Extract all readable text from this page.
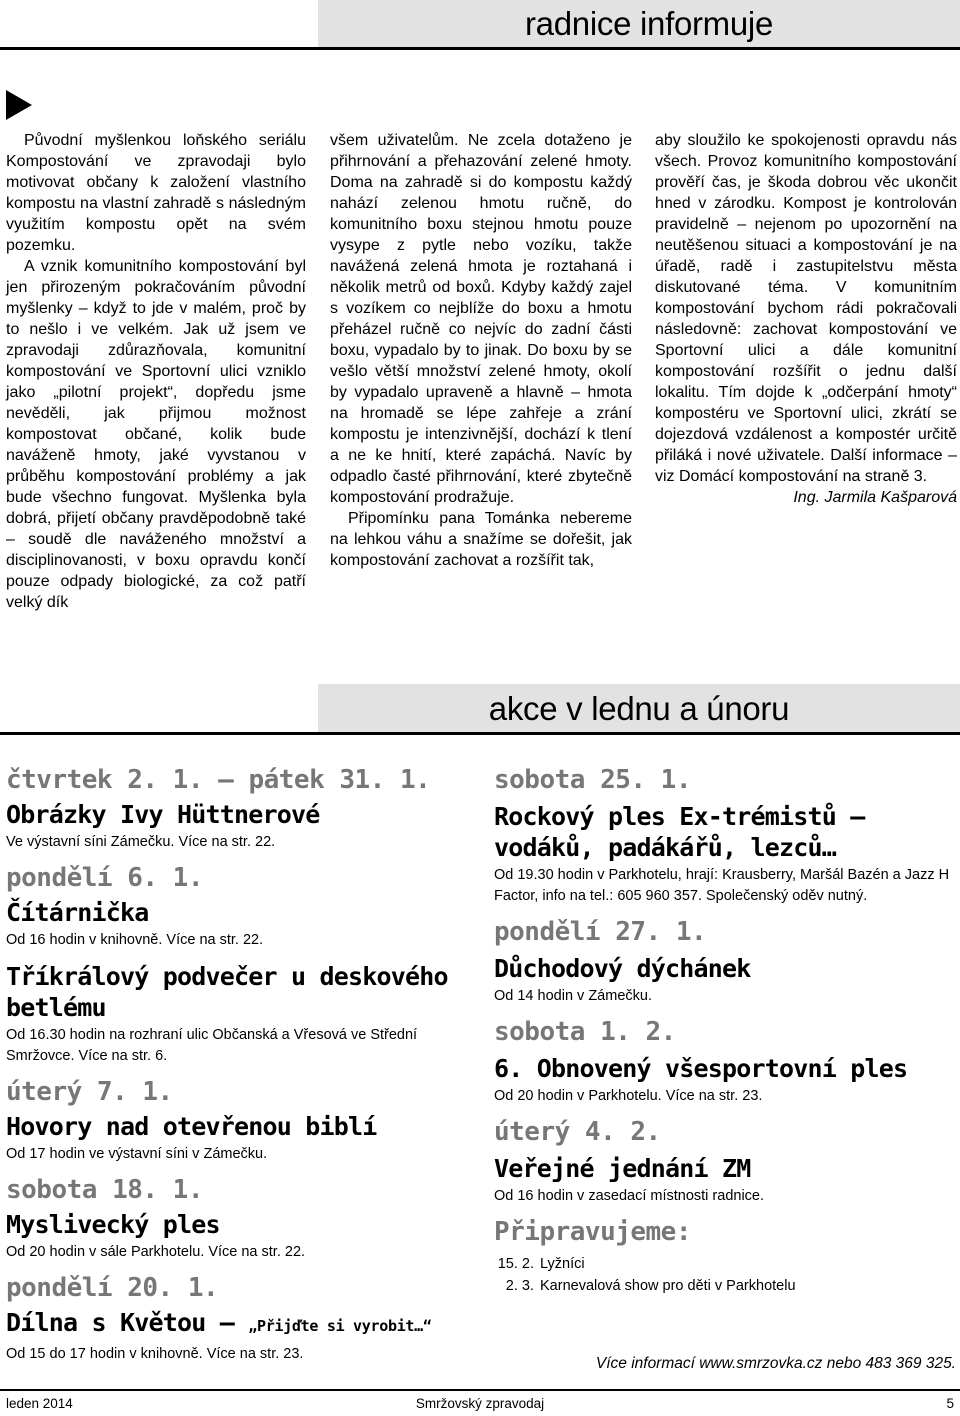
radnice informuje

Původní myšlenkou loňského seriálu Kompostování ve zpravodaji bylo motivovat občany k založení vlastního kompostu na vlastní zahradě s následným využitím kompostu opět na svém pozemku.

A vznik komunitního kompostování byl jen přirozeným pokračováním původní myšlenky – když to jde v malém, proč by to nešlo i ve velkém. Jak už jsem ve zpravodaji zdůrazňovala, komunitní kompostování ve Sportovní ulici vzniklo jako „pilotní projekt“, dopředu jsme nevěděli, jak přijmou možnost kompostovat občané, kolik bude naváženě hmoty, jaké vyvstanou v průběhu kompostování problémy a jak bude všechno fungovat. Myšlenka byla dobrá, přijetí občany pravděpodobně také – soudě dle naváženého množství a disciplinovanosti, v boxu opravdu končí pouze odpady biologické, za což patří velký dík

všem uživatelům. Ne zcela dotaženo je přihrnování a přehazování zelené hmoty. Doma na zahradě si do kompostu každý nahází zelenou hmotu ručně, do komunitního boxu stejnou hmotu pouze vysype z pytle nebo vozíku, takže navážená zelená hmota je roztahaná i několik metrů od boxů. Kdyby každý zajel s vozíkem co nejblíže do boxu a hmotu přeházel ručně co nejvíc do zadní části boxu, vypadalo by to jinak. Do boxu by se vešlo větší množství zelené hmoty, okolí by vypadalo upraveně a hlavně – hmota na hromadě se lépe zahřeje a zrání kompostu je intenzivnější, dochází k tlení a ne ke hnití, které zapáchá. Navíc by odpadlo časté přihrnování, které zbytečně kompostování prodražuje.

Připomínku pana Tománka nebereme na lehkou váhu a snažíme se dořešit, jak kompostování zachovat a rozšířit tak,

aby sloužilo ke spokojenosti opravdu nás všech. Provoz komunitního kompostování prověří čas, je škoda dobrou věc ukončit hned v zárodku. Kompost je kontrolován pravidelně – nejenom po upozornění na neutěšenou situaci a kompostování je na úřadě, radě i zastupitelstvu města diskutované téma. V komunitním kompostování bychom rádi pokračovali následovně: zachovat kompostování ve Sportovní ulici a dále komunitní kompostování rozšířit o jednu další lokalitu. Tím dojde k „odčerpání hmoty“ kompostéru ve Sportovní ulici, zkrátí se dojezdová vzdálenost a kompostér určitě přiláká i nové uživatele. Další informace – viz Domácí kompostování na straně 3.

Ing. Jarmila Kašparová

akce v lednu a únoru
čtvrtek 2. 1. – pátek 31. 1.
Obrázky Ivy Hüttnerové
Ve výstavní síni Zámečku. Více na str. 22.
pondělí 6. 1.
Čítárnička
Od 16 hodin v knihovně. Více na str. 22.
Tříkrálový podvečer u deskového betlému
Od 16.30 hodin na rozhraní ulic Občanská a Vřesová ve Střední Smržovce. Více na str. 6.
úterý 7. 1.
Hovory nad otevřenou biblí
Od 17 hodin ve výstavní síni v Zámečku.
sobota 18. 1.
Myslivecký ples
Od 20 hodin v sále Parkhotelu. Více na str. 22.
pondělí 20. 1.
Dílna s Květou – „Přijďte si vyrobit…“
Od 15 do 17 hodin v knihovně. Více na str. 23.
sobota 25. 1.
Rockový ples Ex-trémistů – vodáků, padákářů, lezců…
Od 19.30 hodin v Parkhotelu, hrají: Krausberry, Maršál Bazén a Jazz H Factor, info na tel.: 605 960 357. Společenský oděv nutný.
pondělí 27. 1.
Důchodový dýchánek
Od 14 hodin v Zámečku.
sobota 1. 2.
6. Obnovený všesportovní ples
Od 20 hodin v Parkhotelu. Více na str. 23.
úterý 4. 2.
Veřejné jednání ZM
Od 16 hodin v zasedací místnosti radnice.
Připravujeme:
15. 2. Lyžníci
2. 3. Karnevalová show pro děti v Parkhotelu
Více informací www.smrzovka.cz nebo 483 369 325.
leden 2014	Smržovský zpravodaj	5
